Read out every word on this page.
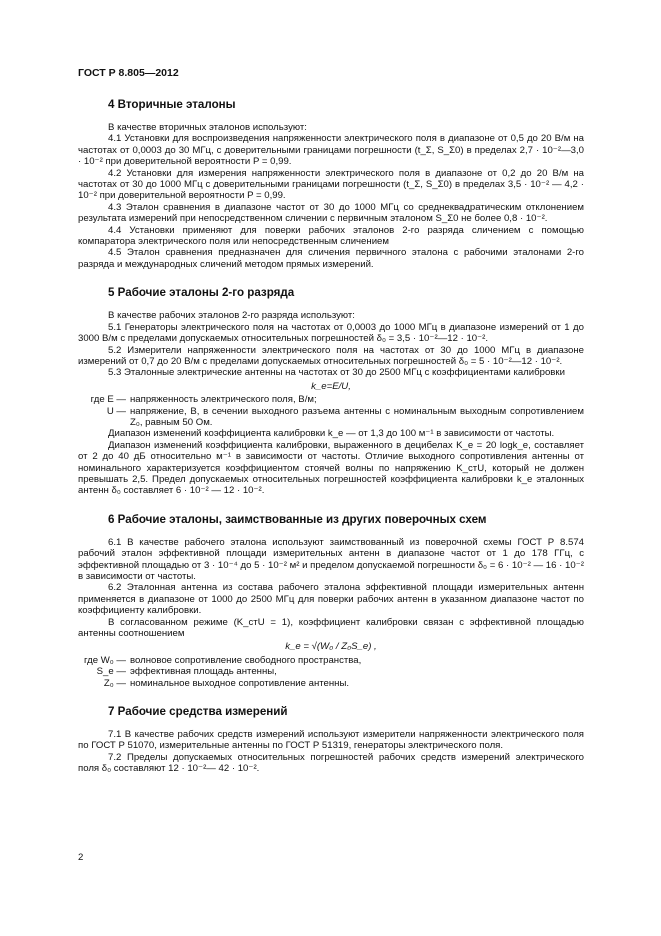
ГОСТ Р 8.805—2012
4 Вторичные эталоны

В качестве вторичных эталонов используют:

4.1 Установки для воспроизведения напряженности электрического поля в диапазоне от 0,5 до 20 В/м на частотах от 0,0003 до 30 МГц, с доверительными границами погрешности (t_Σ, S_Σ0) в пределах 2,7 · 10⁻²—3,0 · 10⁻² при доверительной вероятности P = 0,99.

4.2 Установки для измерения напряженности электрического поля в диапазоне от 0,2 до 20 В/м на частотах от 30 до 1000 МГц с доверительными границами погрешности (t_Σ, S_Σ0) в пределах 3,5 · 10⁻² — 4,2 · 10⁻² при доверительной вероятности P = 0,99.

4.3 Эталон сравнения в диапазоне частот от 30 до 1000 МГц со среднеквадратическим отклонением результата измерений при непосредственном сличении с первичным эталоном S_Σ0 не более 0,8 · 10⁻².

4.4 Установки применяют для поверки рабочих эталонов 2-го разряда сличением с помощью компаратора электрического поля или непосредственным сличением

4.5 Эталон сравнения предназначен для сличения первичного эталона с рабочими эталонами 2-го разряда и международных сличений методом прямых измерений.

5 Рабочие эталоны 2-го разряда

В качестве рабочих эталонов 2-го разряда используют:

5.1 Генераторы электрического поля на частотах от 0,0003 до 1000 МГц в диапазоне измерений от 1 до 3000 В/м с пределами допускаемых относительных погрешностей δ₀ = 3,5 · 10⁻²—12 · 10⁻².

5.2 Измерители напряженности электрического поля на частотах от 30 до 1000 МГц в диапазоне измерений от 0,7 до 20 В/м с пределами допускаемых относительных погрешностей δ₀ = 5 · 10⁻²—12 · 10⁻².

5.3 Эталонные электрические антенны на частотах от 30 до 2500 МГц с коэффициентами калибровки

k_e=E/U,
где E — напряженность электрического поля, В/м;
U — напряжение, В, в сечении выходного разъема антенны с номинальным выходным сопротивлением Z₀, равным 50 Ом.

Диапазон изменений коэффициента калибровки k_e — от 1,3 до 100 м⁻¹ в зависимости от частоты.

Диапазон изменений коэффициента калибровки, выраженного в децибелах K_e = 20 logk_e, составляет от 2 до 40 дБ относительно м⁻¹ в зависимости от частоты. Отличие выходного сопротивления антенны от номинального характеризуется коэффициентом стоячей волны по напряжению K_стU, который не должен превышать 2,5. Предел допускаемых относительных погрешностей коэффициента калибровки k_e эталонных антенн δ₀ составляет 6 · 10⁻² — 12 · 10⁻².

6 Рабочие эталоны, заимствованные из других поверочных схем

6.1 В качестве рабочего эталона используют заимствованный из поверочной схемы ГОСТ Р 8.574 рабочий эталон эффективной площади измерительных антенн в диапазоне частот от 1 до 178 ГГц, с эффективной площадью от 3 · 10⁻⁴ до 5 · 10⁻² м² и пределом допускаемой погрешности δ₀ = 6 · 10⁻² — 16 · 10⁻² в зависимости от частоты.

6.2 Эталонная антенна из состава рабочего эталона эффективной площади измерительных антенн применяется в диапазоне от 1000 до 2500 МГц для поверки рабочих антенн в указанном диапазоне частот по коэффициенту калибровки.

В согласованном режиме (K_стU = 1), коэффициент калибровки связан с эффективной площадью антенны соотношением

k_e = √(W₀ / Z₀S_e) ,
где W₀ — волновое сопротивление свободного пространства,
S_e — эффективная площадь антенны,
Z₀ — номинальное выходное сопротивление антенны.
7 Рабочие средства измерений

7.1 В качестве рабочих средств измерений используют измерители напряженности электрического поля по ГОСТ Р 51070, измерительные антенны по ГОСТ Р 51319, генераторы электрического поля.

7.2 Пределы допускаемых относительных погрешностей рабочих средств измерений электрического поля δ₀ составляют 12 · 10⁻²— 42 · 10⁻².

2
